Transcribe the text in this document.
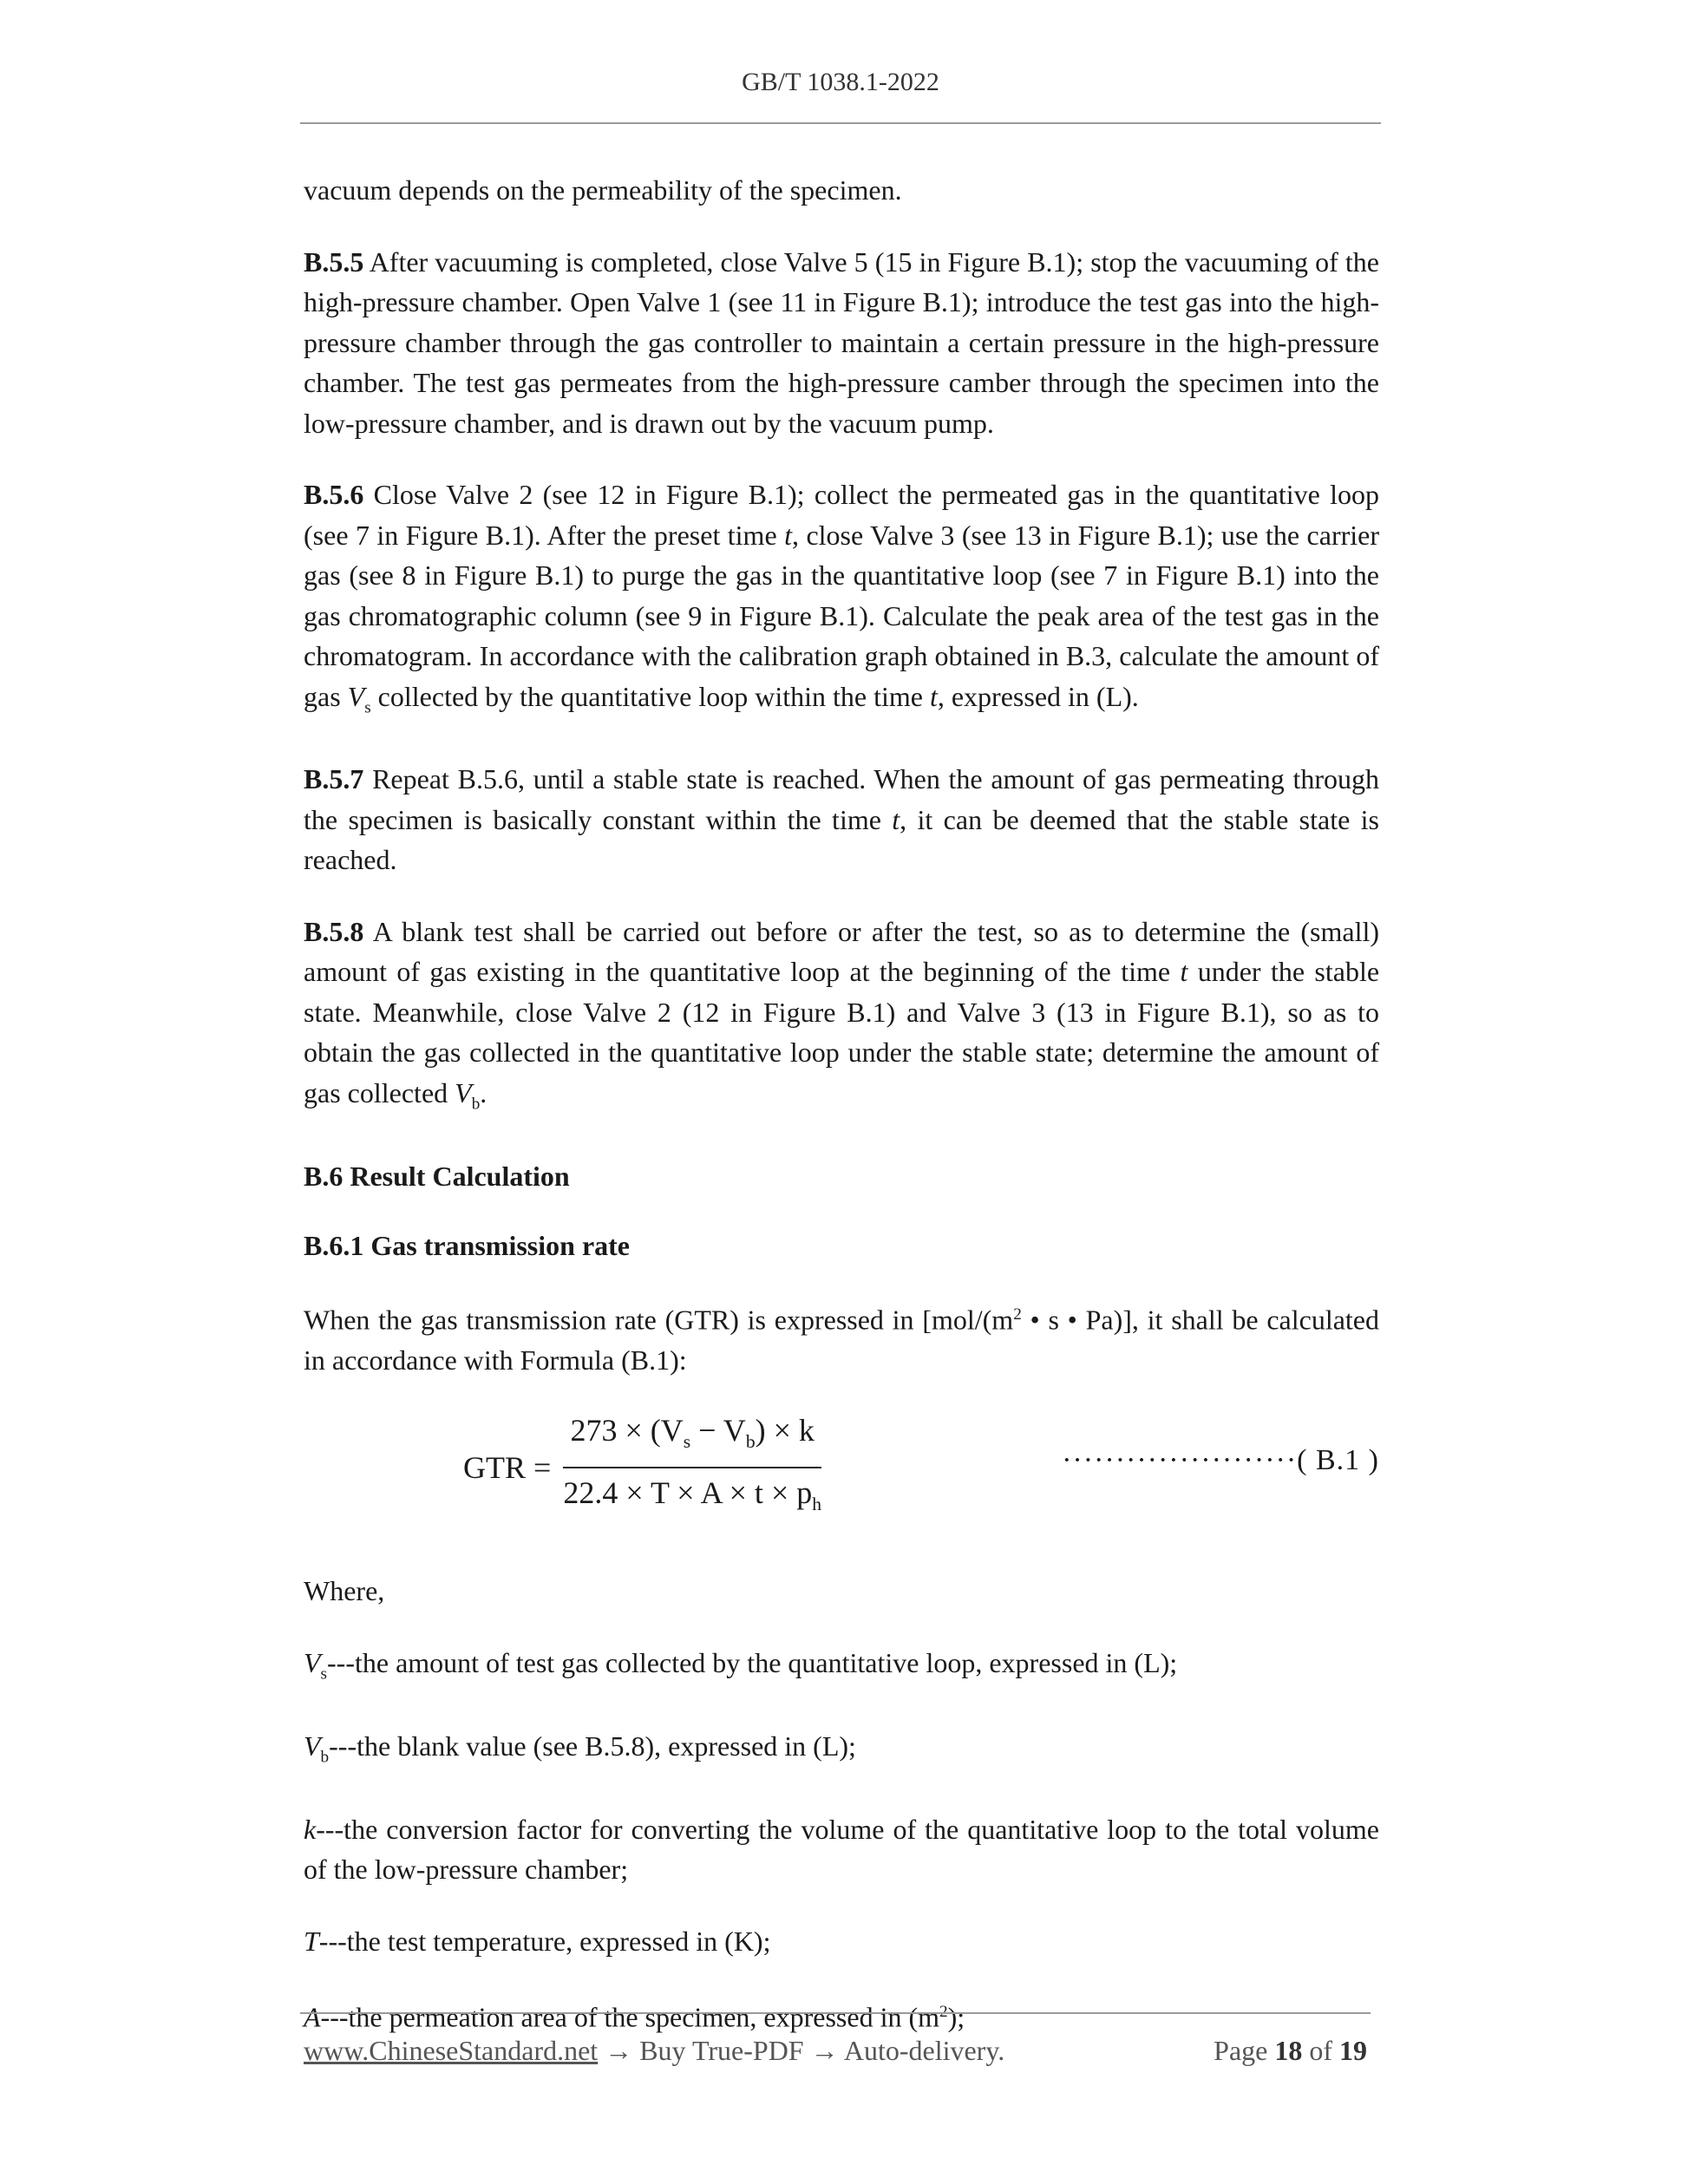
GB/T 1038.1-2022

vacuum depends on the permeability of the specimen.

B.5.5 After vacuuming is completed, close Valve 5 (15 in Figure B.1); stop the vacuuming of the high-pressure chamber. Open Valve 1 (see 11 in Figure B.1); introduce the test gas into the high-pressure chamber through the gas controller to maintain a certain pressure in the high-pressure chamber. The test gas permeates from the high-pressure camber through the specimen into the low-pressure chamber, and is drawn out by the vacuum pump.

B.5.6 Close Valve 2 (see 12 in Figure B.1); collect the permeated gas in the quantitative loop (see 7 in Figure B.1). After the preset time t, close Valve 3 (see 13 in Figure B.1); use the carrier gas (see 8 in Figure B.1) to purge the gas in the quantitative loop (see 7 in Figure B.1) into the gas chromatographic column (see 9 in Figure B.1). Calculate the peak area of the test gas in the chromatogram. In accordance with the calibration graph obtained in B.3, calculate the amount of gas $V_s$ collected by the quantitative loop within the time t, expressed in (L).

B.5.7 Repeat B.5.6, until a stable state is reached. When the amount of gas permeating through the specimen is basically constant within the time t, it can be deemed that the stable state is reached.

B.5.8 A blank test shall be carried out before or after the test, so as to determine the (small) amount of gas existing in the quantitative loop at the beginning of the time t under the stable state. Meanwhile, close Valve 2 (12 in Figure B.1) and Valve 3 (13 in Figure B.1), so as to obtain the gas collected in the quantitative loop under the stable state; determine the amount of gas collected $V_b$.

B.6 Result Calculation
B.6.1 Gas transmission rate

When the gas transmission rate (GTR) is expressed in [$mol/(m^2$ • s • Pa)], it shall be calculated in accordance with Formula (B.1):

GTR = $\frac{273 \times (V_s - V_b) \times k}{22.4 \times T \times A \times t \times p_h}$	······················( B.1 )

Where,

$V_s--$-the amount of test gas collected by the quantitative loop, expressed in (L);

$V_b--$-the blank value (see B.5.8), expressed in (L);

k---the conversion factor for converting the volume of the quantitative loop to the total volume of the low-pressure chamber;

T---the test temperature, expressed in (K);

A---the permeation area of the specimen, expressed in $(m^2)$;

www.ChineseStandard.net → Buy True-PDF → Auto-delivery.	Page 18 of 19
